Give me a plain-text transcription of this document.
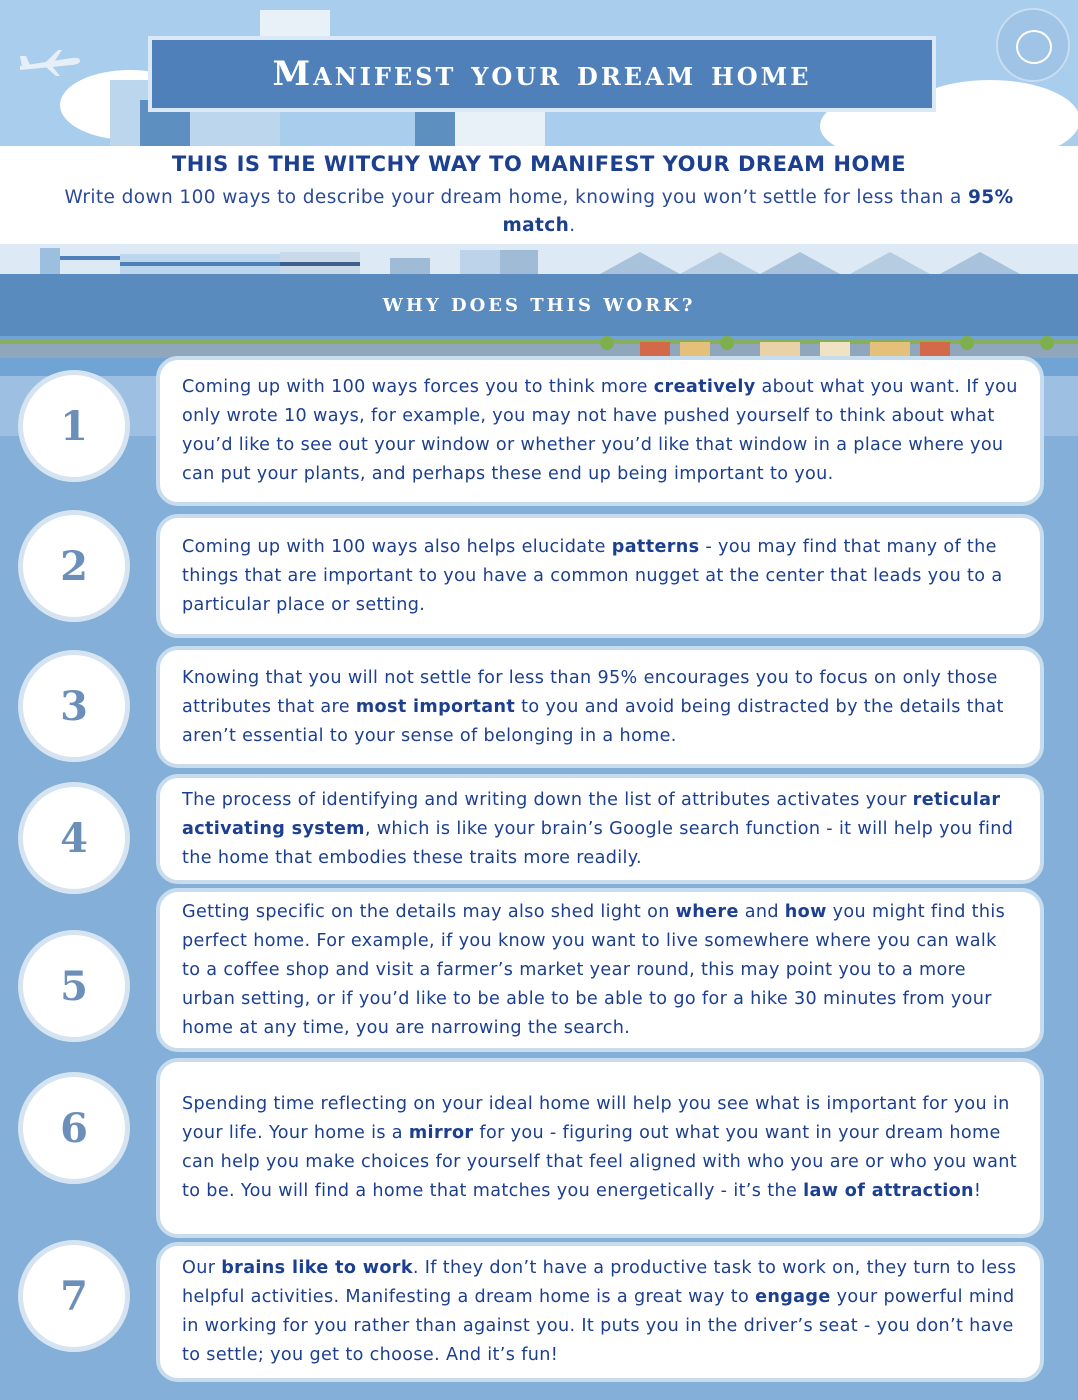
Manifest your dream home
THIS IS THE WITCHY WAY TO MANIFEST YOUR DREAM HOME
Write down 100 ways to describe your dream home, knowing you won’t settle for less than a 95% match.
WHY DOES THIS WORK?
1

Coming up with 100 ways forces you to think more creatively about what you want. If you only wrote 10 ways, for example, you may not have pushed yourself to think about what you’d like to see out your window or whether you’d like that window in a place where you can put your plants, and perhaps these end up being important to you.

2	Coming up with 100 ways also helps elucidate patterns - you may find that many of the things that are important to you have a common nugget at the center that leads you to a particular place or setting.

3

Knowing that you will not settle for less than 95% encourages you to focus on only those attributes that are most important to you and avoid being distracted by the details that aren’t essential to your sense of belonging in a home.

4

The process of identifying and writing down the list of attributes activates your reticular activating system, which is like your brain’s Google search function - it will help you find the home that embodies these traits more readily.

5

Getting specific on the details may also shed light on where and how you might find this perfect home. For example, if you know you want to live somewhere where you can walk to a coffee shop and visit a farmer’s market year round, this may point you to a more urban setting, or if you’d like to be able to be able to go for a hike 30 minutes from your home at any time, you are narrowing the search.

6

Spending time reflecting on your ideal home will help you see what is important for you in your life. Your home is a mirror for you - figuring out what you want in your dream home can help you make choices for yourself that feel aligned with who you are or who you want to be. You will find a home that matches you energetically - it’s the law of attraction!

7

Our brains like to work. If they don’t have a productive task to work on, they turn to less helpful activities. Manifesting a dream home is a great way to engage your powerful mind in working for you rather than against you. It puts you in the driver’s seat - you don’t have to settle; you get to choose. And it’s fun!
